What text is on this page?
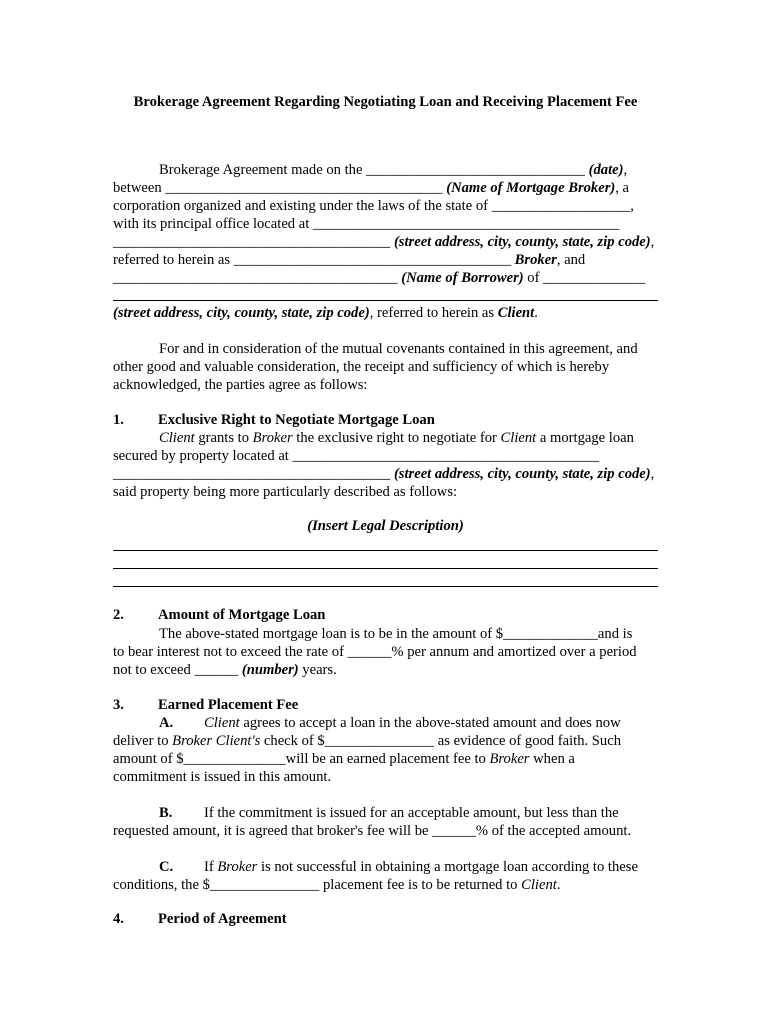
Brokerage Agreement Regarding Negotiating Loan and Receiving Placement Fee
Brokerage Agreement made on the ______________________________ (date),
between ______________________________________ (Name of Mortgage Broker), a
corporation organized and existing under the laws of the state of ___________________,
with its principal office located at __________________________________________
______________________________________ (street address, city, county, state, zip code),
referred to herein as ______________________________________ Broker, and
_______________________________________ (Name of Borrower) of ______________
(street address, city, county, state, zip code), referred to herein as Client.
For and in consideration of the mutual covenants contained in this agreement, and
other good and valuable consideration, the receipt and sufficiency of which is hereby
acknowledged, the parties agree as follows:
1. Exclusive Right to Negotiate Mortgage Loan
Client grants to Broker the exclusive right to negotiate for Client a mortgage loan
secured by property located at __________________________________________
______________________________________ (street address, city, county, state, zip code),
said property being more particularly described as follows:
(Insert Legal Description)
2. Amount of Mortgage Loan
The above-stated mortgage loan is to be in the amount of $_____________and is
to bear interest not to exceed the rate of ______% per annum and amortized over a period
not to exceed ______ (number) years.
3. Earned Placement Fee
A. Client agrees to accept a loan in the above-stated amount and does now
deliver to Broker Client's check of $_______________ as evidence of good faith. Such
amount of $______________will be an earned placement fee to Broker when a
commitment is issued in this amount.
B. If the commitment is issued for an acceptable amount, but less than the
requested amount, it is agreed that broker's fee will be ______% of the accepted amount.
C. If Broker is not successful in obtaining a mortgage loan according to these
conditions, the $_______________ placement fee is to be returned to Client.
4. Period of Agreement
